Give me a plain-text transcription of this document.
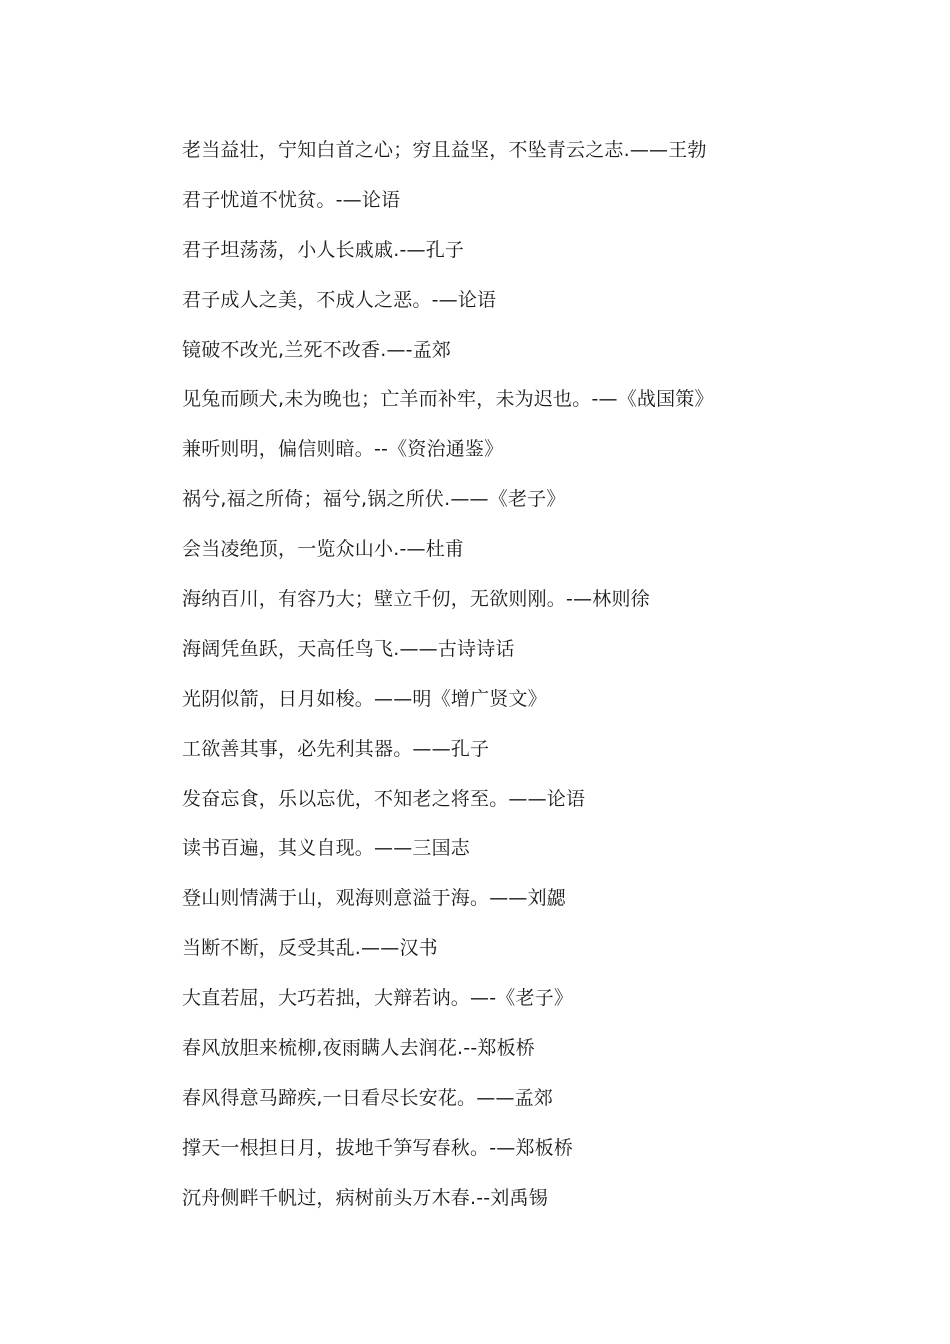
老当益壮，宁知白首之心；穷且益坚，不坠青云之志.——王勃
君子忧道不忧贫。-—论语
君子坦荡荡，小人长戚戚.-—孔子
君子成人之美，不成人之恶。-—论语
镜破不改光,兰死不改香.—-孟郊
见兔而顾犬,未为晚也；亡羊而补牢，未为迟也。-—《战国策》
兼听则明，偏信则暗。--《资治通鉴》
祸兮,福之所倚；福兮,锅之所伏.——《老子》
会当凌绝顶，一览众山小.-—杜甫
海纳百川，有容乃大；壁立千仞，无欲则刚。-—林则徐
海阔凭鱼跃，天高任鸟飞.——古诗诗话
光阴似箭，日月如梭。——明《增广贤文》
工欲善其事，必先利其器。——孔子
发奋忘食，乐以忘优，不知老之将至。——论语
读书百遍，其义自现。——三国志
登山则情满于山，观海则意溢于海。——刘勰
当断不断，反受其乱.——汉书
大直若屈，大巧若拙，大辩若讷。—-《老子》
春风放胆来梳柳,夜雨瞒人去润花.--郑板桥
春风得意马蹄疾,一日看尽长安花。——孟郊
撑天一根担日月，拔地千笋写春秋。-—郑板桥
沉舟侧畔千帆过，病树前头万木春.--刘禹锡
